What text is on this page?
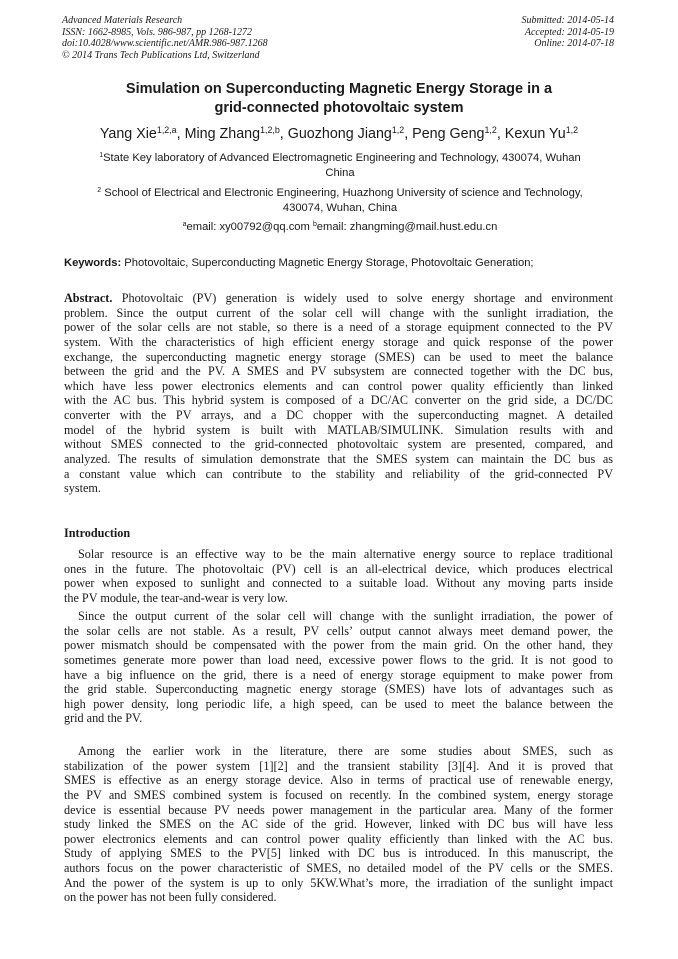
Advanced Materials Research
ISSN: 1662-8985, Vols. 986-987, pp 1268-1272
doi:10.4028/www.scientific.net/AMR.986-987.1268
© 2014 Trans Tech Publications Ltd, Switzerland
Submitted: 2014-05-14
Accepted: 2014-05-19
Online: 2014-07-18
Simulation on Superconducting Magnetic Energy Storage in a
grid-connected photovoltaic system
Yang Xie$^{1,2,a}$, Ming Zhang$^{1,2,b}$, Guozhong Jiang$^{1,2}$, Peng Geng$^{1,2}$, Kexun Yu$^{1,2}$
$^1$State Key laboratory of Advanced Electromagnetic Engineering and Technology, 430074, Wuhan
China
$^2$ School of Electrical and Electronic Engineering, Huazhong University of science and Technology,
430074, Wuhan, China
$^a$email: xy00792@qq.com $^b$email: zhangming@mail.hust.edu.cn
Keywords: Photovoltaic, Superconducting Magnetic Energy Storage, Photovoltaic Generation;
Abstract. Photovoltaic (PV) generation is widely used to solve energy shortage and environment
problem. Since the output current of the solar cell will change with the sunlight irradiation, the
power of the solar cells are not stable, so there is a need of a storage equipment connected to the PV
system. With the characteristics of high efficient energy storage and quick response of the power
exchange, the superconducting magnetic energy storage (SMES) can be used to meet the balance
between the grid and the PV. A SMES and PV subsystem are connected together with the DC bus,
which have less power electronics elements and can control power quality efficiently than linked
with the AC bus. This hybrid system is composed of a DC/AC converter on the grid side, a DC/DC
converter with the PV arrays, and a DC chopper with the superconducting magnet. A detailed
model of the hybrid system is built with MATLAB/SIMULINK. Simulation results with and
without SMES connected to the grid-connected photovoltaic system are presented, compared, and
analyzed. The results of simulation demonstrate that the SMES system can maintain the DC bus as
a constant value which can contribute to the stability and reliability of the grid-connected PV
system.
Introduction
Solar resource is an effective way to be the main alternative energy source to replace traditional
ones in the future. The photovoltaic (PV) cell is an all-electrical device, which produces electrical
power when exposed to sunlight and connected to a suitable load. Without any moving parts inside
the PV module, the tear-and-wear is very low.
Since the output current of the solar cell will change with the sunlight irradiation, the power of
the solar cells are not stable. As a result, PV cells’ output cannot always meet demand power, the
power mismatch should be compensated with the power from the main grid. On the other hand, they
sometimes generate more power than load need, excessive power flows to the grid. It is not good to
have a big influence on the grid, there is a need of energy storage equipment to make power from
the grid stable. Superconducting magnetic energy storage (SMES) have lots of advantages such as
high power density, long periodic life, a high speed, can be used to meet the balance between the
grid and the PV.
Among the earlier work in the literature, there are some studies about SMES, such as
stabilization of the power system [1][2] and the transient stability [3][4]. And it is proved that
SMES is effective as an energy storage device. Also in terms of practical use of renewable energy,
the PV and SMES combined system is focused on recently. In the combined system, energy storage
device is essential because PV needs power management in the particular area. Many of the former
study linked the SMES on the AC side of the grid. However, linked with DC bus will have less
power electronics elements and can control power quality efficiently than linked with the AC bus.
Study of applying SMES to the PV[5] linked with DC bus is introduced. In this manuscript, the
authors focus on the power characteristic of SMES, no detailed model of the PV cells or the SMES.
And the power of the system is up to only 5KW.What’s more, the irradiation of the sunlight impact
on the power has not been fully considered.
